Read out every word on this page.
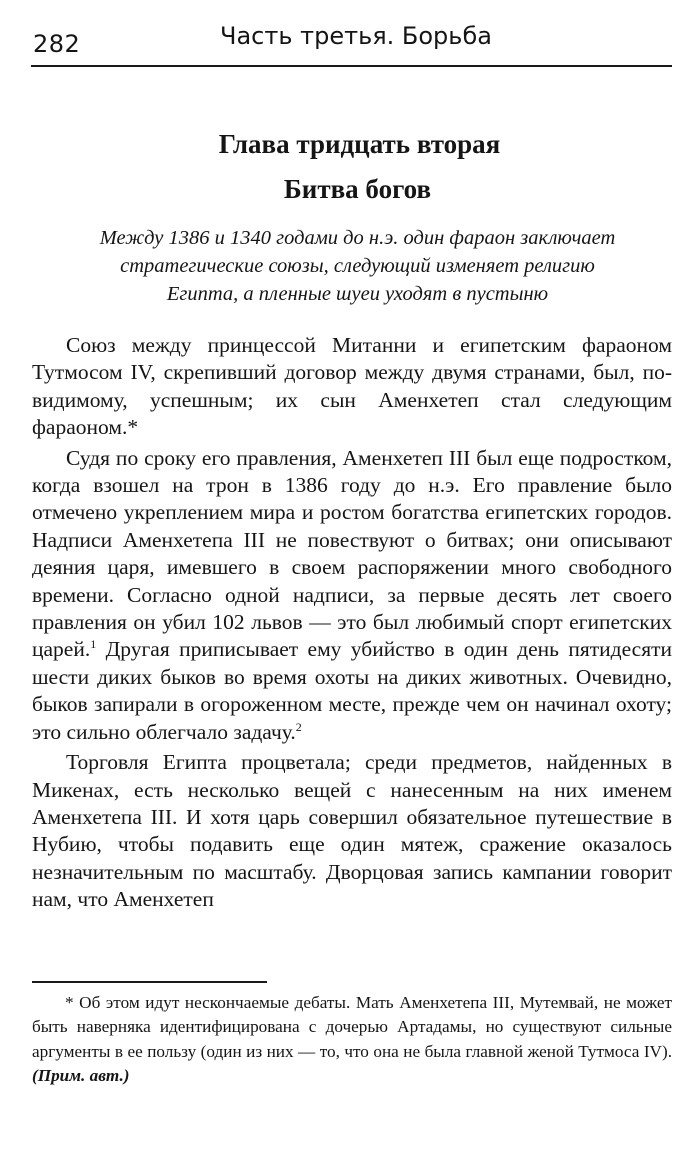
282	Часть третья. Борьба
Глава тридцать вторая
Битва богов
Между 1386 и 1340 годами до н.э. один фараон заключает
стратегические союзы, следующий изменяет религию
Египта, а пленные шуеи уходят в пустыню

Союз между принцессой Митанни и египетским фараоном Тутмосом IV, скрепивший договор между двумя странами, был, по-видимому, успешным; их сын Аменхетеп стал следующим фараоном.*

Судя по сроку его правления, Аменхетеп III был еще подростком, когда взошел на трон в 1386 году до н.э. Его правление было отмечено укреплением мира и ростом богатства египетских городов. Надписи Аменхетепа III не повествуют о битвах; они описывают деяния царя, имевшего в своем распоряжении много свободного времени. Согласно одной надписи, за первые десять лет своего правления он убил 102 львов — это был любимый спорт египетских царей.$^1$ Другая приписывает ему убийство в один день пятидесяти шести диких быков во время охоты на диких животных. Очевидно, быков запирали в огороженном месте, прежде чем он начинал охоту; это сильно облегчало задачу.$^2$

Торговля Египта процветала; среди предметов, найденных в Микенах, есть несколько вещей с нанесенным на них именем Аменхетепа III. И хотя царь совершил обязательное путешествие в Нубию, чтобы подавить еще один мятеж, сражение оказалось незначительным по масштабу. Дворцовая запись кампании говорит нам, что Аменхетеп

* Об этом идут нескончаемые дебаты. Мать Аменхетепа III, Мутемвай, не может быть наверняка идентифицирована с дочерью Артадамы, но существуют сильные аргументы в ее пользу (один из них — то, что она не была главной женой Тутмоса IV). (Прим. авт.)
